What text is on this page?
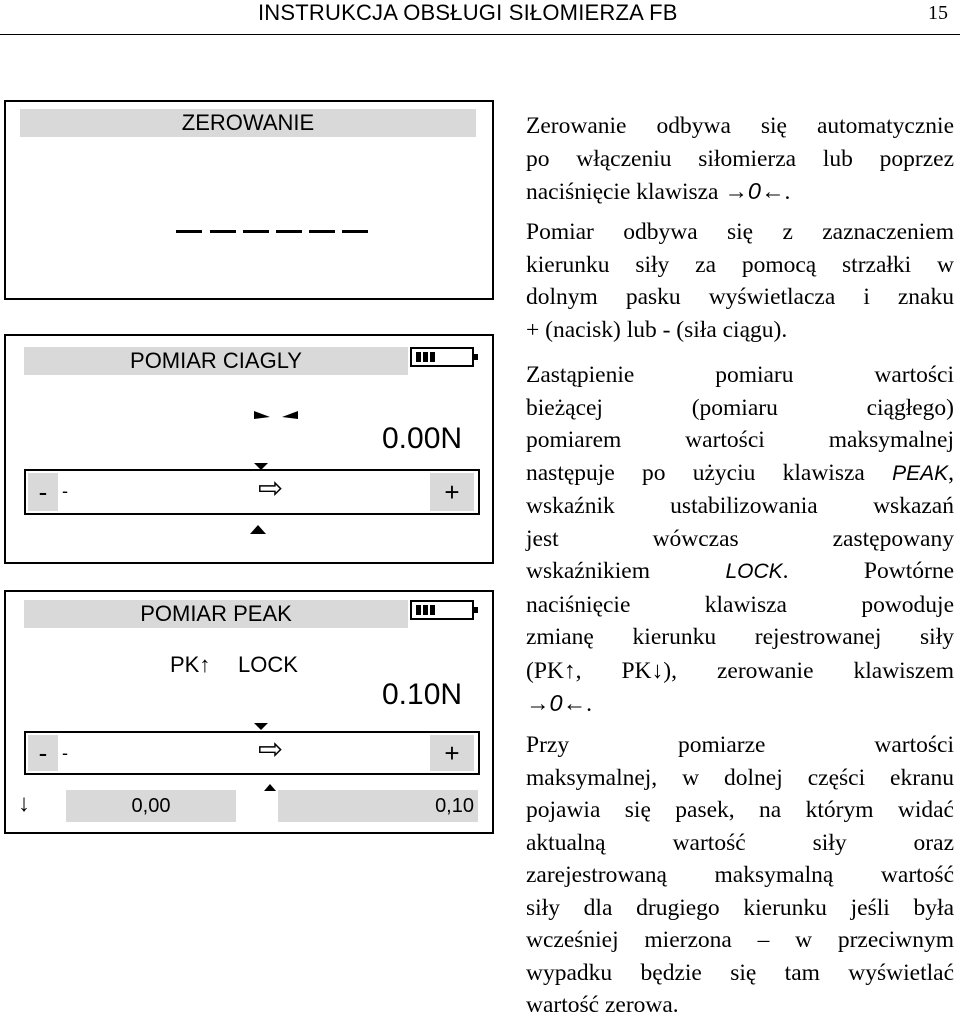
INSTRUKCJA OBSŁUGI SIŁOMIERZA FB	15
ZEROWANIE
POMIAR CIAGLY
0.00N
- -	⇨	+
POMIAR PEAK
PK↑ LOCK
0.10N
- -	⇨	+
↓	0,00	0,10
Zerowanie odbywa się automatycznie
po włączeniu siłomierza lub poprzez
naciśnięcie klawisza →0←.
Pomiar odbywa się z zaznaczeniem
kierunku siły za pomocą strzałki w
dolnym pasku wyświetlacza i znaku
+ (nacisk) lub - (siła ciągu).
Zastąpienie pomiaru wartości
bieżącej (pomiaru ciągłego)
pomiarem wartości maksymalnej
następuje po użyciu klawisza PEAK,
wskaźnik ustabilizowania wskazań
jest wówczas zastępowany
wskaźnikiem LOCK. Powtórne
naciśnięcie klawisza powoduje
zmianę kierunku rejestrowanej siły
(PK↑, PK↓), zerowanie klawiszem
→0←.
Przy pomiarze wartości
maksymalnej, w dolnej części ekranu
pojawia się pasek, na którym widać
aktualną wartość siły oraz
zarejestrowaną maksymalną wartość
siły dla drugiego kierunku jeśli była
wcześniej mierzona – w przeciwnym
wypadku będzie się tam wyświetlać
wartość zerowa.
